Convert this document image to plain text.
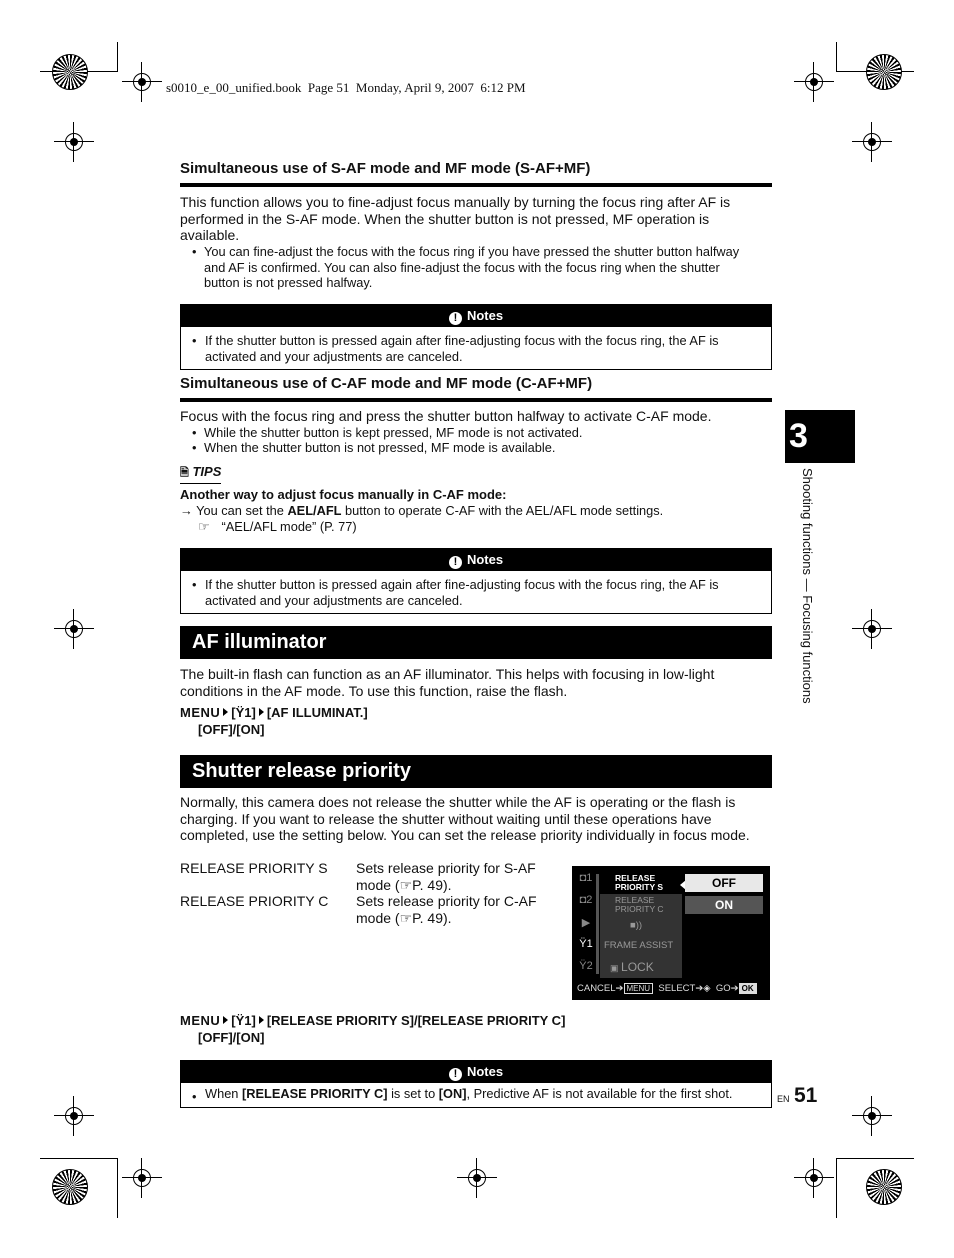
s0010_e_00_unified.book  Page 51  Monday, April 9, 2007  6:12 PM
Simultaneous use of S-AF mode and MF mode (S-AF+MF)
This function allows you to fine-adjust focus manually by turning the focus ring after AF is
performed in the S-AF mode. When the shutter button is not pressed, MF operation is
available.
• You can fine-adjust the focus with the focus ring if you have pressed the shutter button halfway
and AF is confirmed. You can also fine-adjust the focus with the focus ring when the shutter
button is not pressed halfway.
! Notes
• If the shutter button is pressed again after fine-adjusting focus with the focus ring, the AF is
activated and your adjustments are canceled.
Simultaneous use of C-AF mode and MF mode (C-AF+MF)
Focus with the focus ring and press the shutter button halfway to activate C-AF mode.
• While the shutter button is kept pressed, MF mode is not activated.
• When the shutter button is not pressed, MF mode is available.
🗎 TIPS
Another way to adjust focus manually in C-AF mode:
→ You can set the AEL/AFL button to operate C-AF with the AEL/AFL mode settings.
☞ “AEL/AFL mode” (P. 77)
! Notes
• If the shutter button is pressed again after fine-adjusting focus with the focus ring, the AF is
activated and your adjustments are canceled.
AF illuminator
The built-in flash can function as an AF illuminator. This helps with focusing in low-light
conditions in the AF mode. To use this function, raise the flash.
MENU [Ÿ1] [AF ILLUMINAT.]
[OFF]/[ON]
Shutter release priority
Normally, this camera does not release the shutter while the AF is operating or the flash is
charging. If you want to release the shutter without waiting until these operations have
completed, use the setting below. You can set the release priority individually in focus mode.
RELEASE PRIORITY S Sets release priority for S-AF
mode (☞P. 49).
RELEASE PRIORITY C Sets release priority for C-AF
mode (☞P. 49).
◘1
◘2
▶
Ÿ1
Ÿ2
RELEASE
PRIORITY S
RELEASE
PRIORITY C
■))
FRAME ASSIST
▣ LOCK
OFF
ON
CANCEL➔ MENU SELECT➔◈  GO➔ OK
MENU [Ÿ1] [RELEASE PRIORITY S]/[RELEASE PRIORITY C]
[OFF]/[ON]
! Notes
• When [RELEASE PRIORITY C] is set to [ON], Predictive AF is not available for the first shot.
3
Shooting functions — Focusing functions
EN 51
